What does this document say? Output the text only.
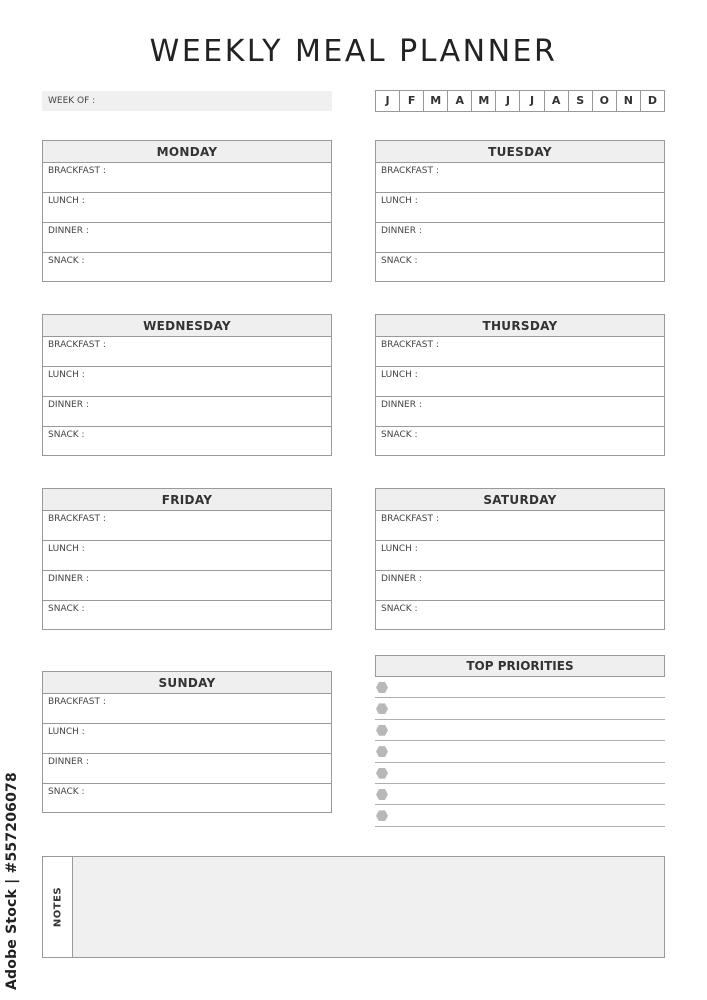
WEEKLY MEAL PLANNER
WEEK OF :	J	F	M	A	M	J	J	A	S	O	N	D
MONDAY
BRACKFAST :
LUNCH :
DINNER :
SNACK :
TUESDAY
BRACKFAST :
LUNCH :
DINNER :
SNACK :
WEDNESDAY
BRACKFAST :
LUNCH :
DINNER :
SNACK :
THURSDAY
BRACKFAST :
LUNCH :
DINNER :
SNACK :
FRIDAY
BRACKFAST :
LUNCH :
DINNER :
SNACK :
SATURDAY
BRACKFAST :
LUNCH :
DINNER :
SNACK :
SUNDAY
BRACKFAST :
LUNCH :
DINNER :
SNACK :
TOP PRIORITIES
NOTES
Adobe Stock | #557206078
